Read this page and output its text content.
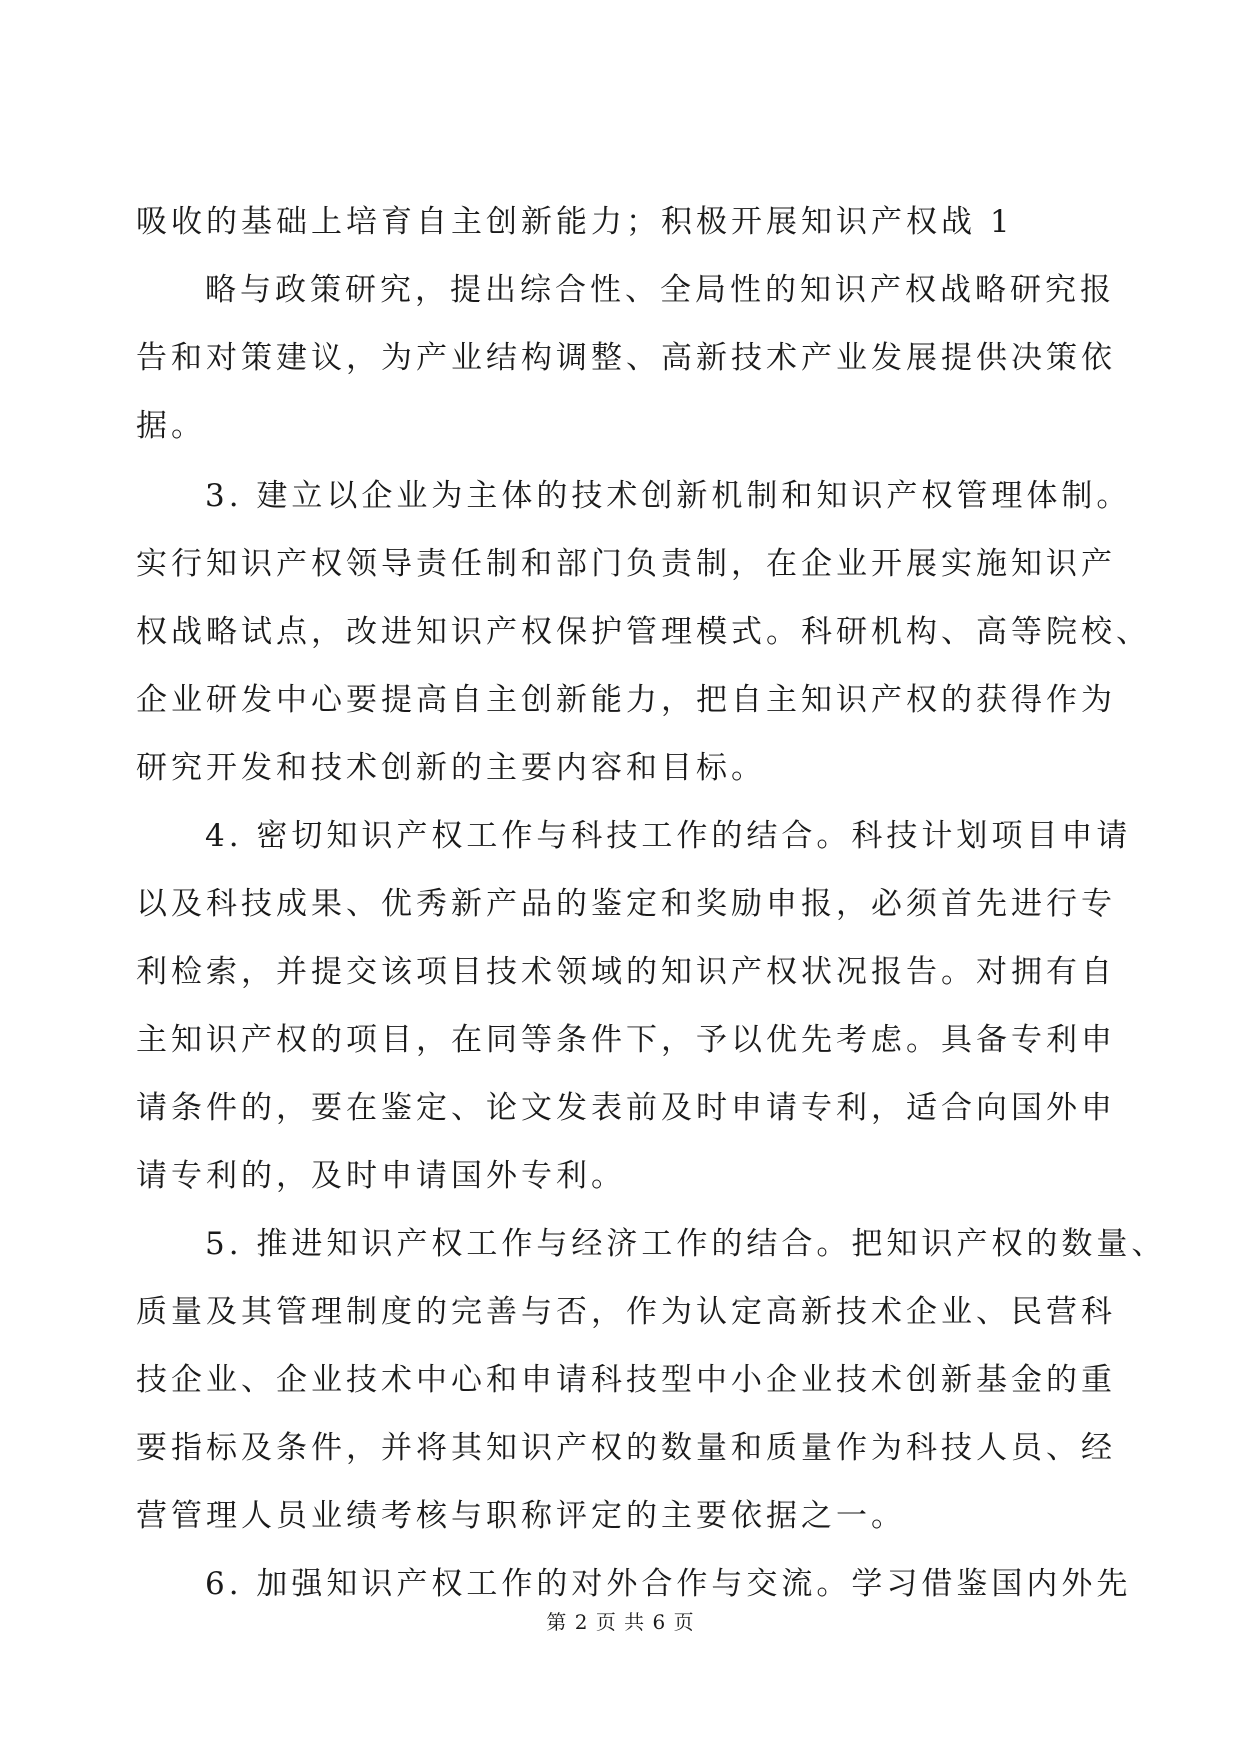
吸收的基础上培育自主创新能力；积极开展知识产权战 1
略与政策研究，提出综合性、全局性的知识产权战略研究报
告和对策建议，为产业结构调整、高新技术产业发展提供决策依
据。
3. 建立以企业为主体的技术创新机制和知识产权管理体制。
实行知识产权领导责任制和部门负责制，在企业开展实施知识产
权战略试点，改进知识产权保护管理模式。科研机构、高等院校、
企业研发中心要提高自主创新能力，把自主知识产权的获得作为
研究开发和技术创新的主要内容和目标。
4. 密切知识产权工作与科技工作的结合。科技计划项目申请
以及科技成果、优秀新产品的鉴定和奖励申报，必须首先进行专
利检索，并提交该项目技术领域的知识产权状况报告。对拥有自
主知识产权的项目，在同等条件下，予以优先考虑。具备专利申
请条件的，要在鉴定、论文发表前及时申请专利，适合向国外申
请专利的，及时申请国外专利。
5. 推进知识产权工作与经济工作的结合。把知识产权的数量、
质量及其管理制度的完善与否，作为认定高新技术企业、民营科
技企业、企业技术中心和申请科技型中小企业技术创新基金的重
要指标及条件，并将其知识产权的数量和质量作为科技人员、经
营管理人员业绩考核与职称评定的主要依据之一。
6. 加强知识产权工作的对外合作与交流。学习借鉴国内外先
第 2 页 共 6 页
